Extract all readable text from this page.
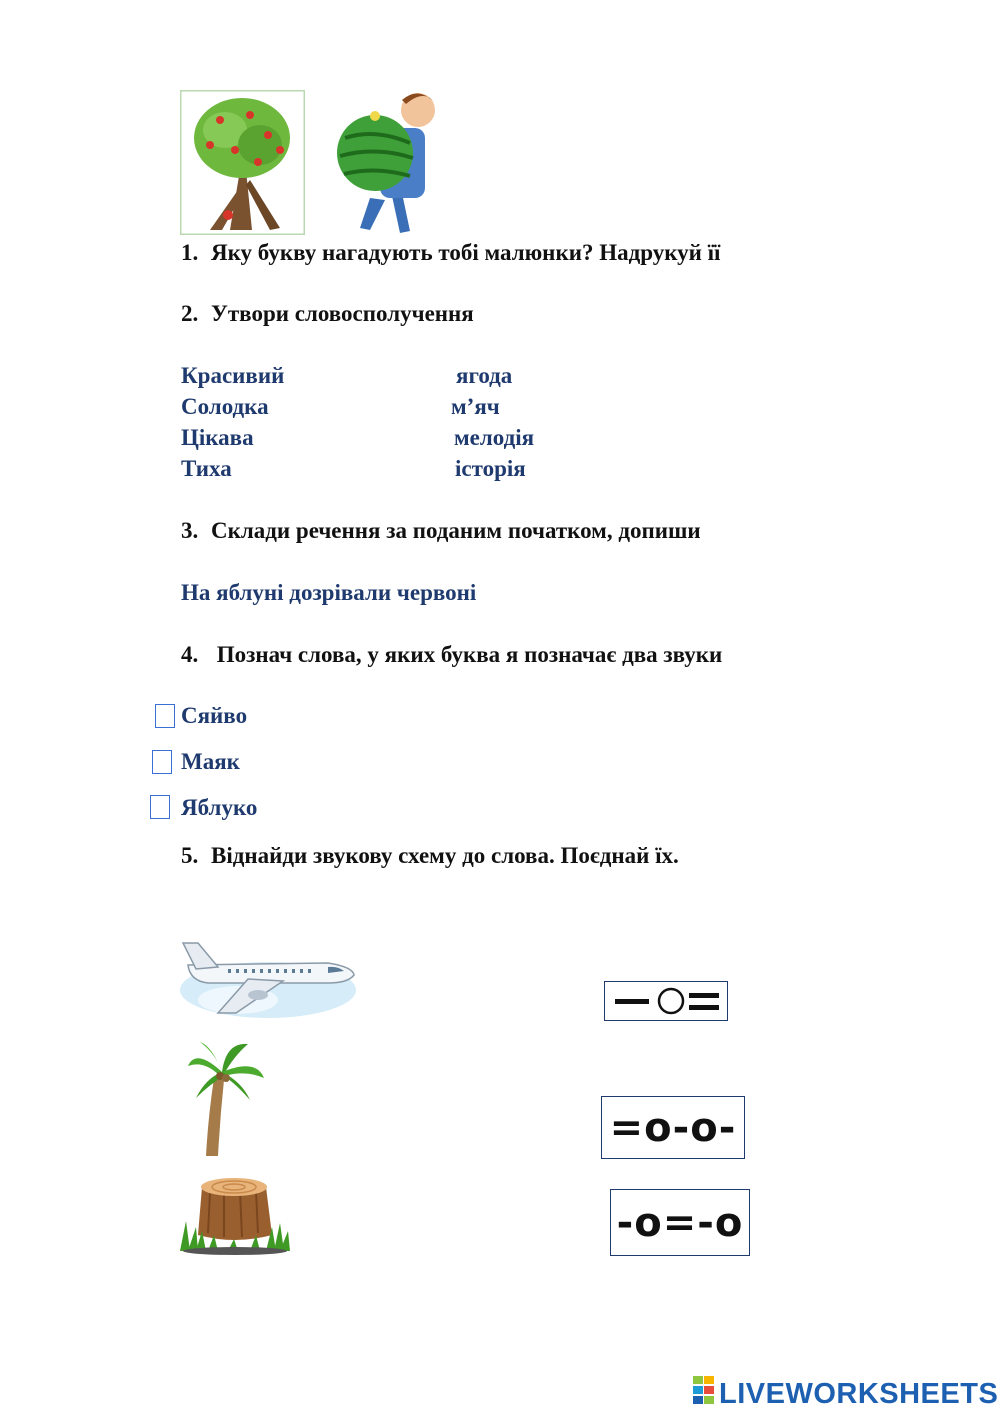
1. Яку букву нагадують тобі малюнки? Надрукуй її
2. Утвори словосполучення
Красивий
Солодка
Цікава
Тиха
ягода
м’яч
мелодія
історія
3. Склади речення за поданим початком, допиши
На яблуні дозрівали червоні
4. Познач слова, у яких буква я позначає два звуки
Сяйво
Маяк
Яблуко
5. Віднайди звукову схему до слова. Поєднай їх.
=о-о-
-о=-о
LIVEWORKSHEETS
